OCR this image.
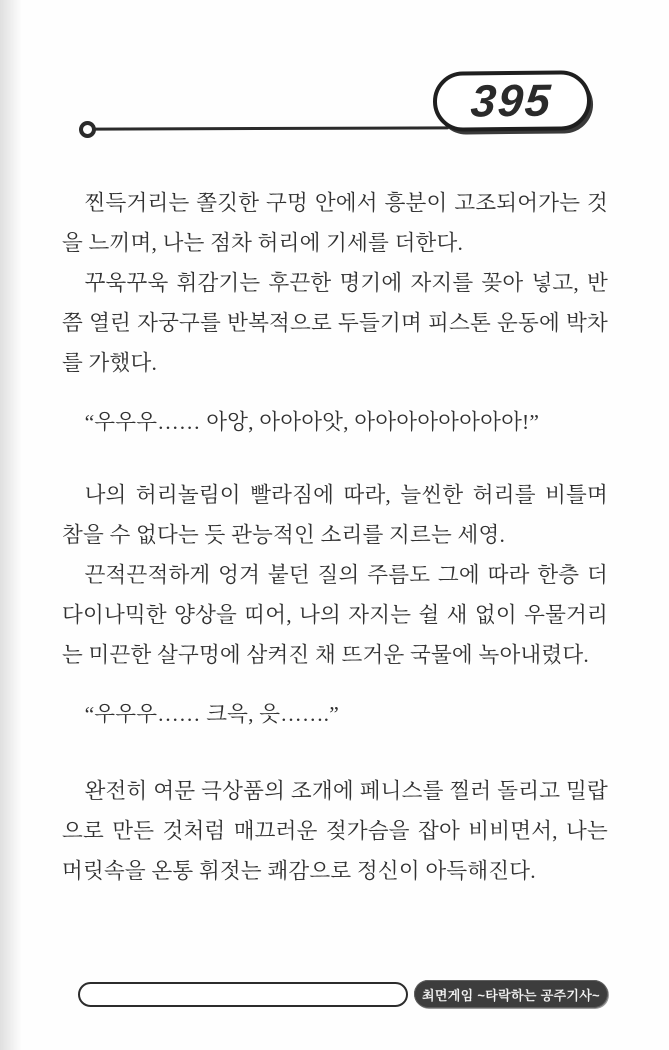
395

찐득거리는 쫄깃한 구멍 안에서 흥분이 고조되어가는 것을 느끼며, 나는 점차 허리에 기세를 더한다.

꾸욱꾸욱 휘감기는 후끈한 명기에 자지를 꽂아 넣고, 반쯤 열린 자궁구를 반복적으로 두들기며 피스톤 운동에 박차를 가했다.

“우우우…… 아앙, 아아아앗, 아아아아아아아아!”

나의 허리놀림이 빨라짐에 따라, 늘씬한 허리를 비틀며 참을 수 없다는 듯 관능적인 소리를 지르는 세영.

끈적끈적하게 엉겨 붙던 질의 주름도 그에 따라 한층 더 다이나믹한 양상을 띠어, 나의 자지는 쉴 새 없이 우물거리는 미끈한 살구멍에 삼켜진 채 뜨거운 국물에 녹아내렸다.

“우우우…… 크윽, 읏…….”

완전히 여문 극상품의 조개에 페니스를 찔러 돌리고 밀랍으로 만든 것처럼 매끄러운 젖가슴을 잡아 비비면서, 나는 머릿속을 온통 휘젓는 쾌감으로 정신이 아득해진다.

최면게임 ~타락하는 공주기사~
